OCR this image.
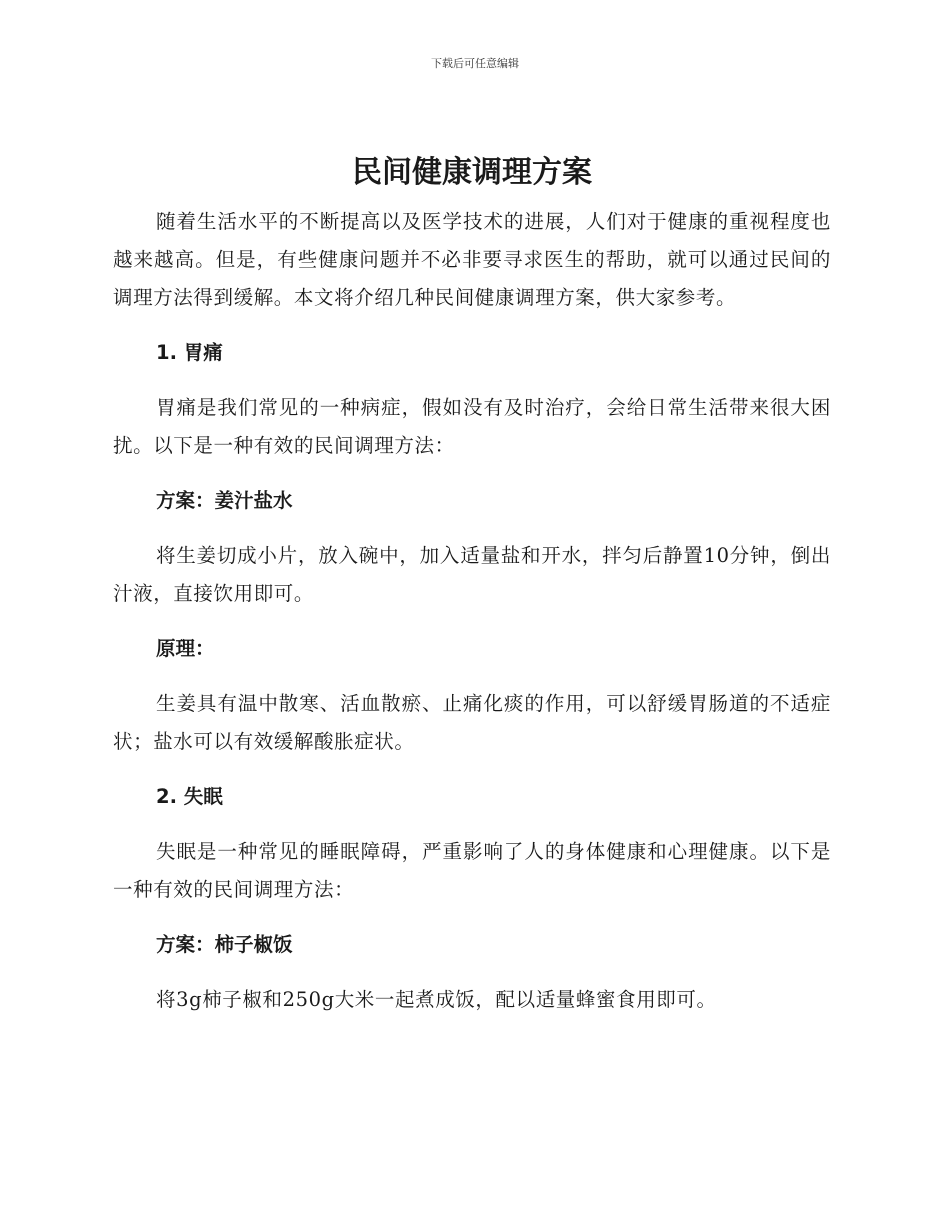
下载后可任意编辑
民间健康调理方案

随着生活水平的不断提高以及医学技术的进展，人们对于健康的重视程度也越来越高。但是，有些健康问题并不必非要寻求医生的帮助，就可以通过民间的调理方法得到缓解。本文将介绍几种民间健康调理方案，供大家参考。

1. 胃痛

胃痛是我们常见的一种病症，假如没有及时治疗，会给日常生活带来很大困扰。以下是一种有效的民间调理方法：

方案：姜汁盐水

将生姜切成小片，放入碗中，加入适量盐和开水，拌匀后静置10分钟，倒出汁液，直接饮用即可。

原理：

生姜具有温中散寒、活血散瘀、止痛化痰的作用，可以舒缓胃肠道的不适症状；盐水可以有效缓解酸胀症状。

2. 失眠

失眠是一种常见的睡眠障碍，严重影响了人的身体健康和心理健康。以下是一种有效的民间调理方法：

方案：柿子椒饭

将3g柿子椒和250g大米一起煮成饭，配以适量蜂蜜食用即可。
